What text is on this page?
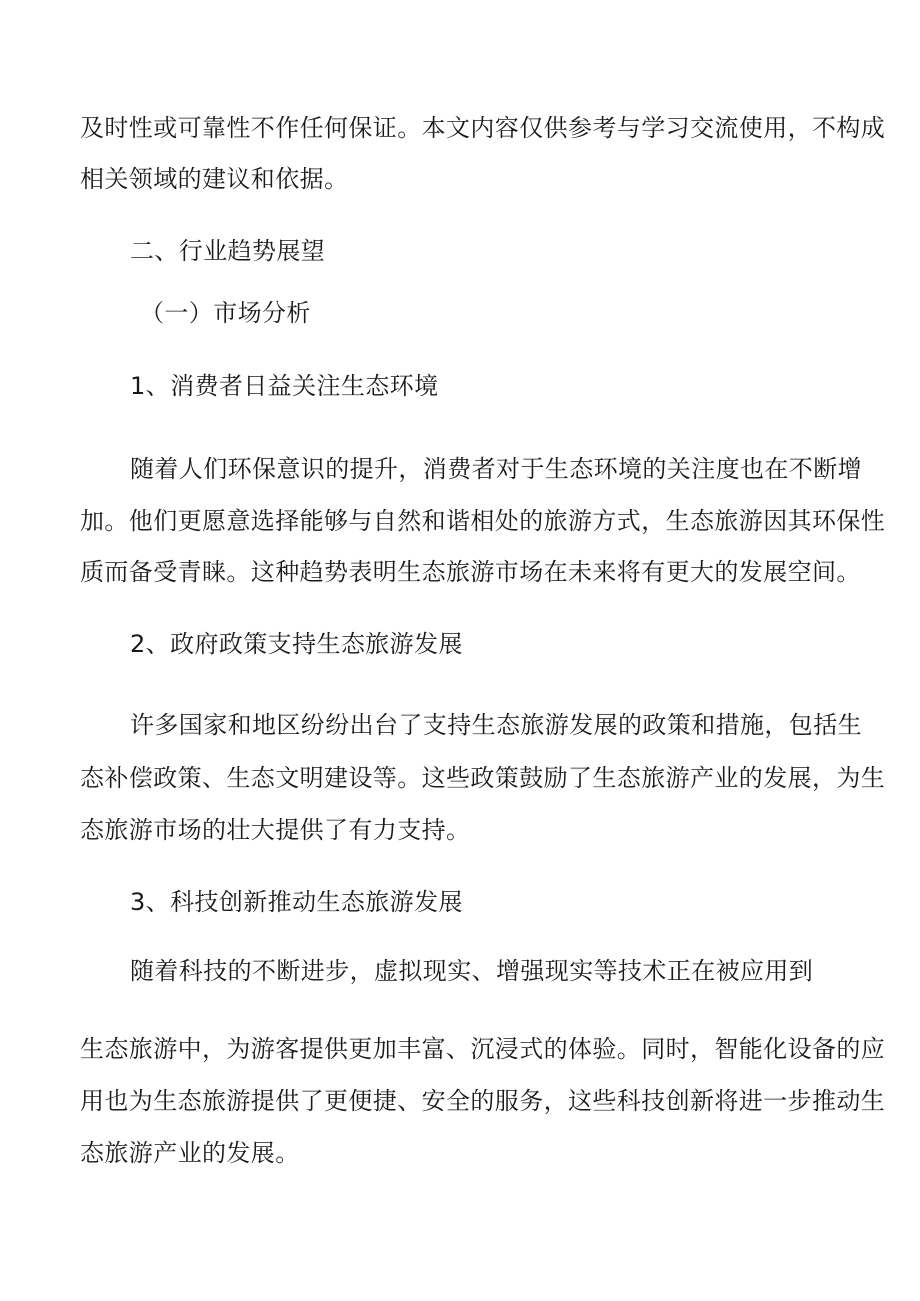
及时性或可靠性不作任何保证。本文内容仅供参考与学习交流使用，不构成
相关领域的建议和依据。
二、行业趋势展望
（一）市场分析
1、消费者日益关注生态环境
随着人们环保意识的提升，消费者对于生态环境的关注度也在不断增
加。他们更愿意选择能够与自然和谐相处的旅游方式，生态旅游因其环保性
质而备受青睐。这种趋势表明生态旅游市场在未来将有更大的发展空间。
2、政府政策支持生态旅游发展
许多国家和地区纷纷出台了支持生态旅游发展的政策和措施，包括生
态补偿政策、生态文明建设等。这些政策鼓励了生态旅游产业的发展，为生
态旅游市场的壮大提供了有力支持。
3、科技创新推动生态旅游发展
随着科技的不断进步，虚拟现实、增强现实等技术正在被应用到
生态旅游中，为游客提供更加丰富、沉浸式的体验。同时，智能化设备的应
用也为生态旅游提供了更便捷、安全的服务，这些科技创新将进一步推动生
态旅游产业的发展。
